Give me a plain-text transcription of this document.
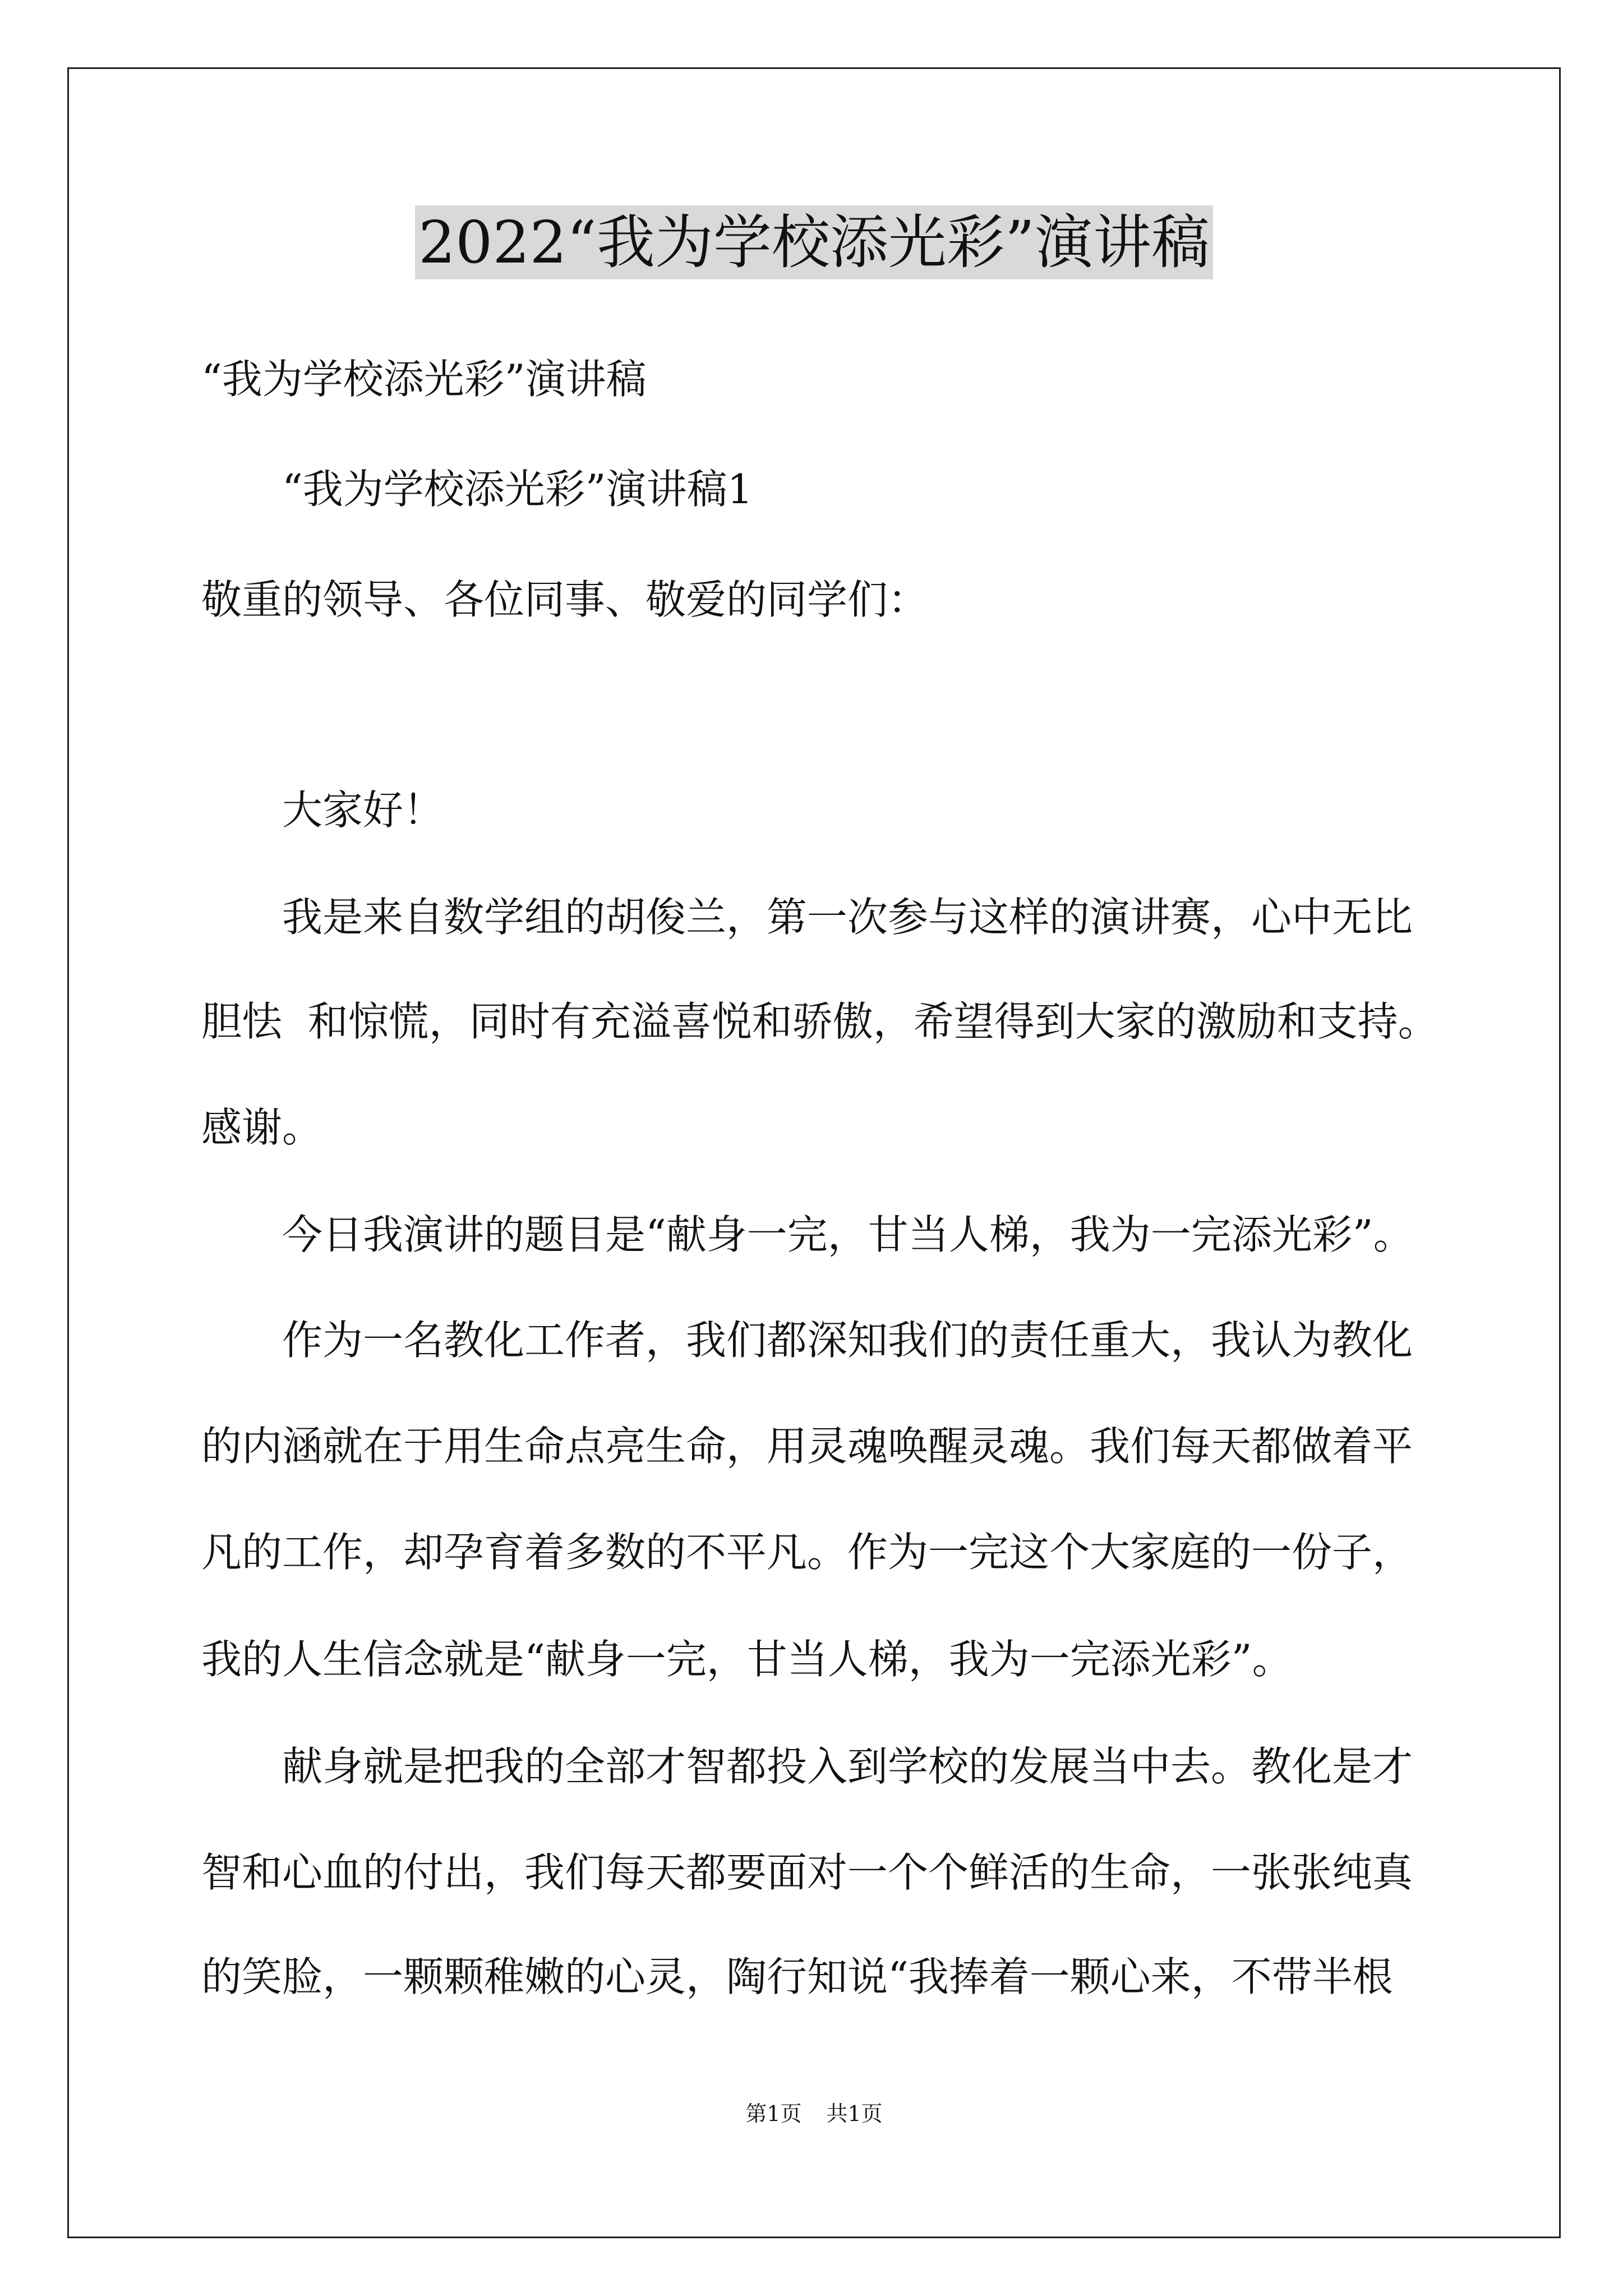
2022“我为学校添光彩”演讲稿
“我为学校添光彩”演讲稿
“我为学校添光彩”演讲稿1
敬重的领导、各位同事、敬爱的同学们：
大家好！
我是来自数学组的胡俊兰，第一次参与这样的演讲赛，心中无比
胆怯  和惊慌，同时有充溢喜悦和骄傲，希望得到大家的激励和支持。
感谢。
今日我演讲的题目是“献身一完，甘当人梯，我为一完添光彩”。
作为一名教化工作者，我们都深知我们的责任重大，我认为教化
的内涵就在于用生命点亮生命，用灵魂唤醒灵魂。我们每天都做着平
凡的工作，却孕育着多数的不平凡。作为一完这个大家庭的一份子，
我的人生信念就是“献身一完，甘当人梯，我为一完添光彩”。
献身就是把我的全部才智都投入到学校的发展当中去。教化是才
智和心血的付出，我们每天都要面对一个个鲜活的生命，一张张纯真
的笑脸，一颗颗稚嫩的心灵，陶行知说“我捧着一颗心来，不带半根
第1页 共1页
